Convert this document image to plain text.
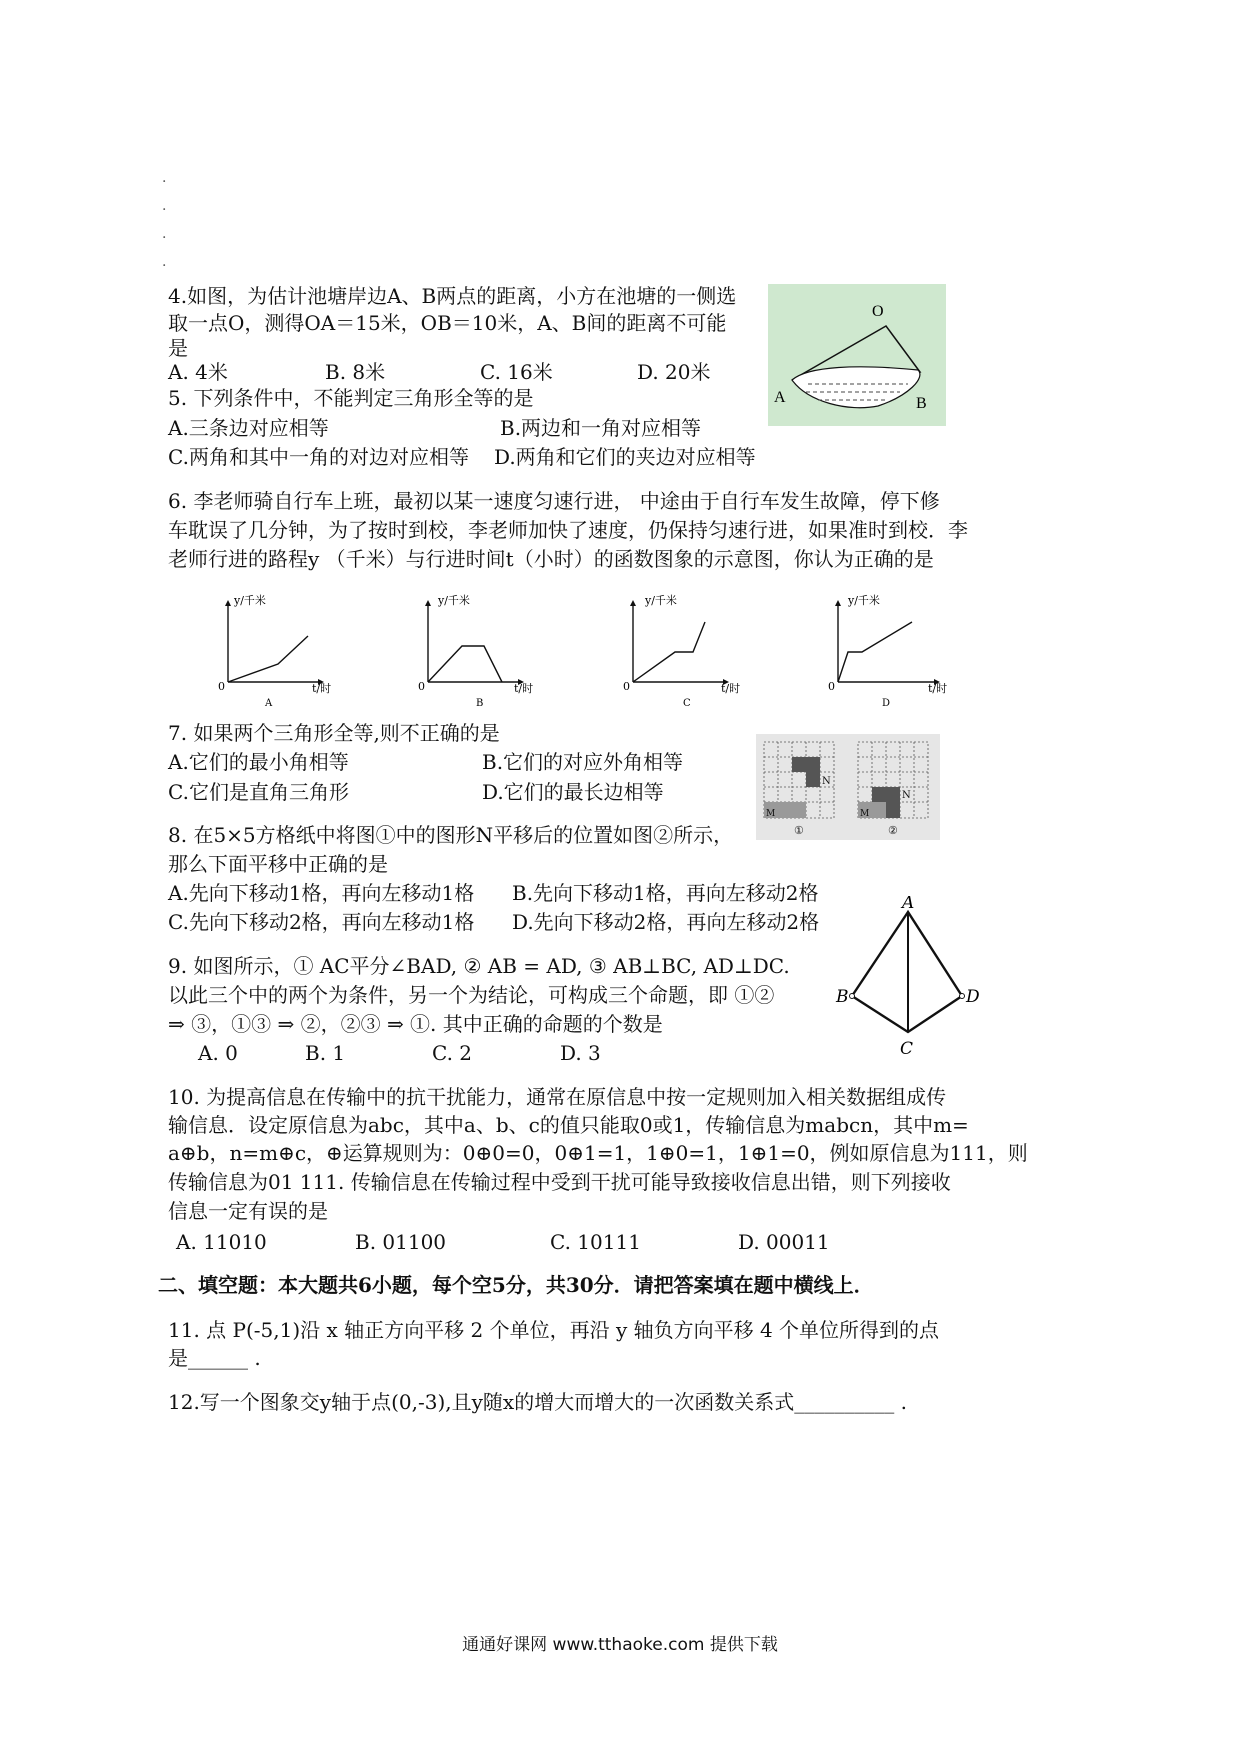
·
·
·
·
4.如图，为估计池塘岸边A、B两点的距离，小方在池塘的一侧选
取一点O，测得OA＝15米，OB＝10米，A、B间的距离不可能
是
A. 4米	B. 8米	C. 16米	D. 20米
O
A	B
5. 下列条件中，不能判定三角形全等的是
A.三条边对应相等	B.两边和一角对应相等
C.两角和其中一角的对边对应相等 D.两角和它们的夹边对应相等
6. 李老师骑自行车上班，最初以某一速度匀速行进， 中途由于自行车发生故障，停下修
车耽误了几分钟，为了按时到校，李老师加快了速度，仍保持匀速行进，如果准时到校．李
老师行进的路程y （千米）与行进时间t（小时）的函数图象的示意图，你认为正确的是
y/千米
t/时
0
A
y/千米
t/时
0
B
y/千米
t/时
0
C
y/千米
t/时
0
D
7. 如果两个三角形全等,则不正确的是
A.它们的最小角相等	B.它们的对应外角相等
C.它们是直角三角形	D.它们的最长边相等	N
M
N
M
①	②
8. 在5×5方格纸中将图①中的图形N平移后的位置如图②所示，
那么下面平移中正确的是
A.先向下移动1格，再向左移动1格 B.先向下移动1格，再向左移动2格
C.先向下移动2格，再向左移动1格 D.先向下移动2格，再向左移动2格
A
B
C
D
9. 如图所示，① AC平分∠BAD, ② AB = AD, ③ AB⊥BC, AD⊥DC.
以此三个中的两个为条件，另一个为结论，可构成三个命题，即 ①②
⇒ ③，①③ ⇒ ②，②③ ⇒ ①. 其中正确的命题的个数是
A. 0	B. 1	C. 2	D. 3
10. 为提高信息在传输中的抗干扰能力，通常在原信息中按一定规则加入相关数据组成传
输信息．设定原信息为abc，其中a、b、c的值只能取0或1，传输信息为mabcn，其中m=
a⊕b，n=m⊕c，⊕运算规则为：0⊕0=0，0⊕1=1，1⊕0=1，1⊕1=0，例如原信息为111，则
传输信息为01 111. 传输信息在传输过程中受到干扰可能导致接收信息出错，则下列接收
信息一定有误的是
A. 11010	B. 01100	C. 10111	D. 00011
二、填空题：本大题共6小题，每个空5分，共30分．请把答案填在题中横线上．
11. 点 P(-5,1)沿 x 轴正方向平移 2 个单位，再沿 y 轴负方向平移 4 个单位所得到的点
是______ .
12.写一个图象交y轴于点(0,-3),且y随x的增大而增大的一次函数关系式__________ .
通通好课网 www.tthaoke.com 提供下载
